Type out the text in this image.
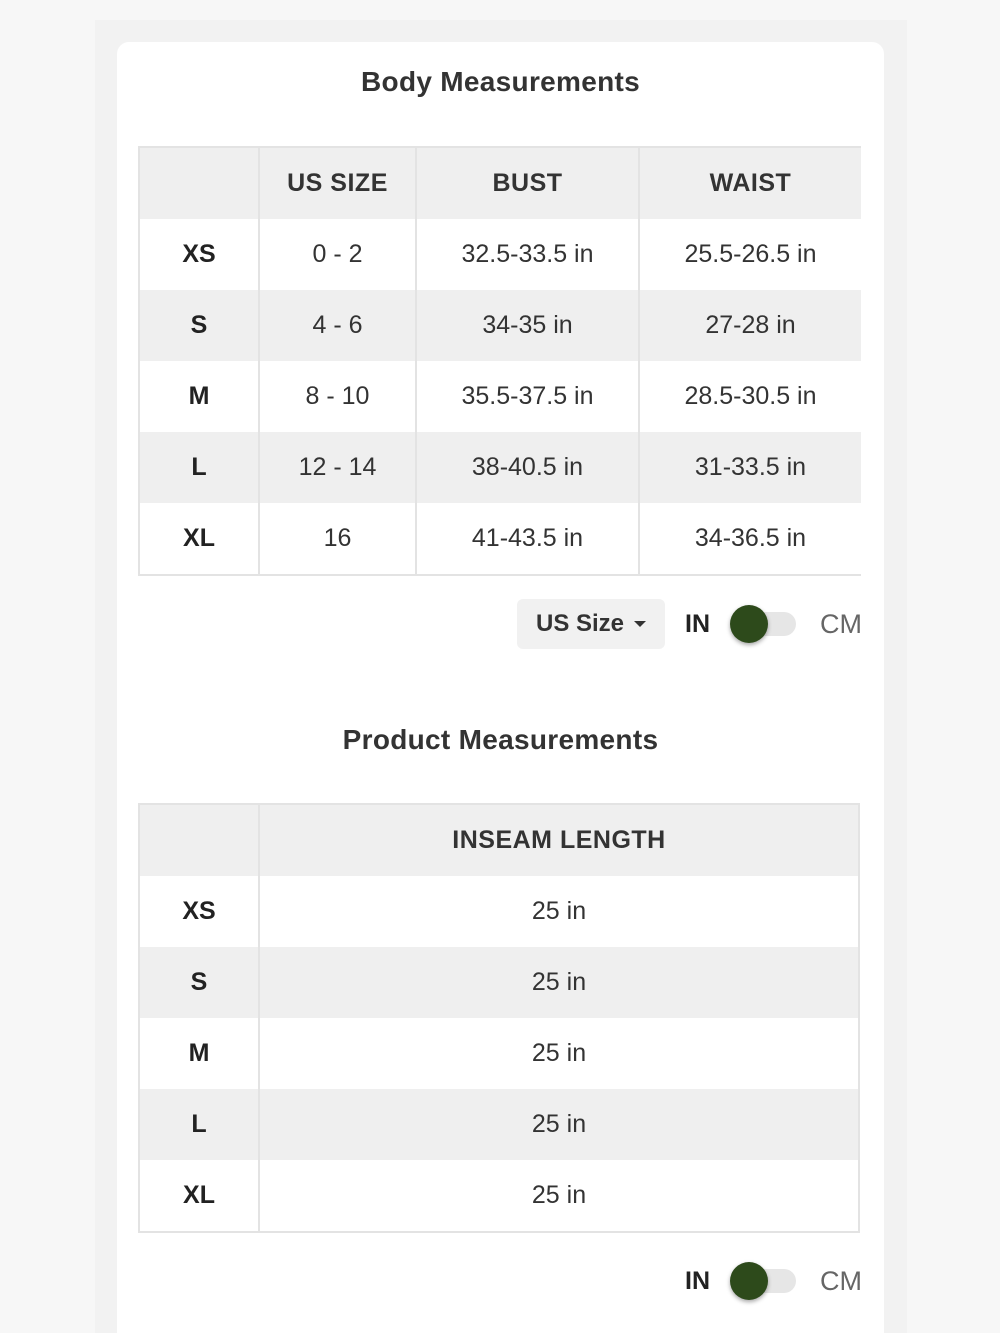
Body Measurements
	US SIZE	BUST	WAIST
XS	0 - 2	32.5-33.5 in	25.5-26.5 in
S	4 - 6	34-35 in	27-28 in
M	8 - 10	35.5-37.5 in	28.5-30.5 in
L	12 - 14	38-40.5 in	31-33.5 in
XL	16	41-43.5 in	34-36.5 in
US Size IN	CM
Product Measurements
	INSEAM LENGTH
XS	25 in
S	25 in
M	25 in
L	25 in
XL	25 in
IN	CM
